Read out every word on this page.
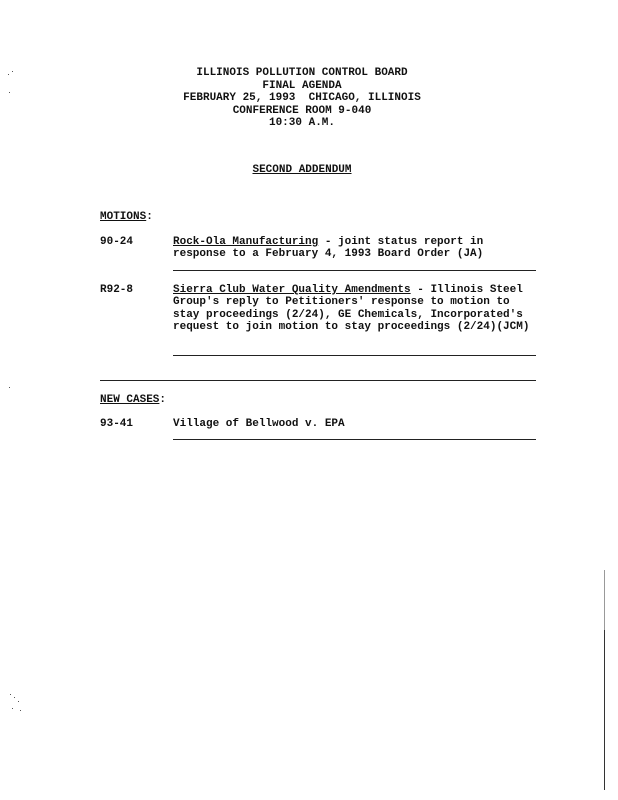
ILLINOIS POLLUTION CONTROL BOARD
FINAL AGENDA
FEBRUARY 25, 1993  CHICAGO, ILLINOIS
CONFERENCE ROOM 9-040
10:30 A.M.
SECOND ADDENDUM
MOTIONS:
90-24	Rock-Ola Manufacturing - joint status report in response to a February 4, 1993 Board Order (JA)
R92-8	Sierra Club Water Quality Amendments - Illinois Steel Group's reply to Petitioners' response to motion to stay proceedings (2/24), GE Chemicals, Incorporated's request to join motion to stay proceedings (2/24)(JCM)
NEW CASES:
93-41	Village of Bellwood v. EPA
